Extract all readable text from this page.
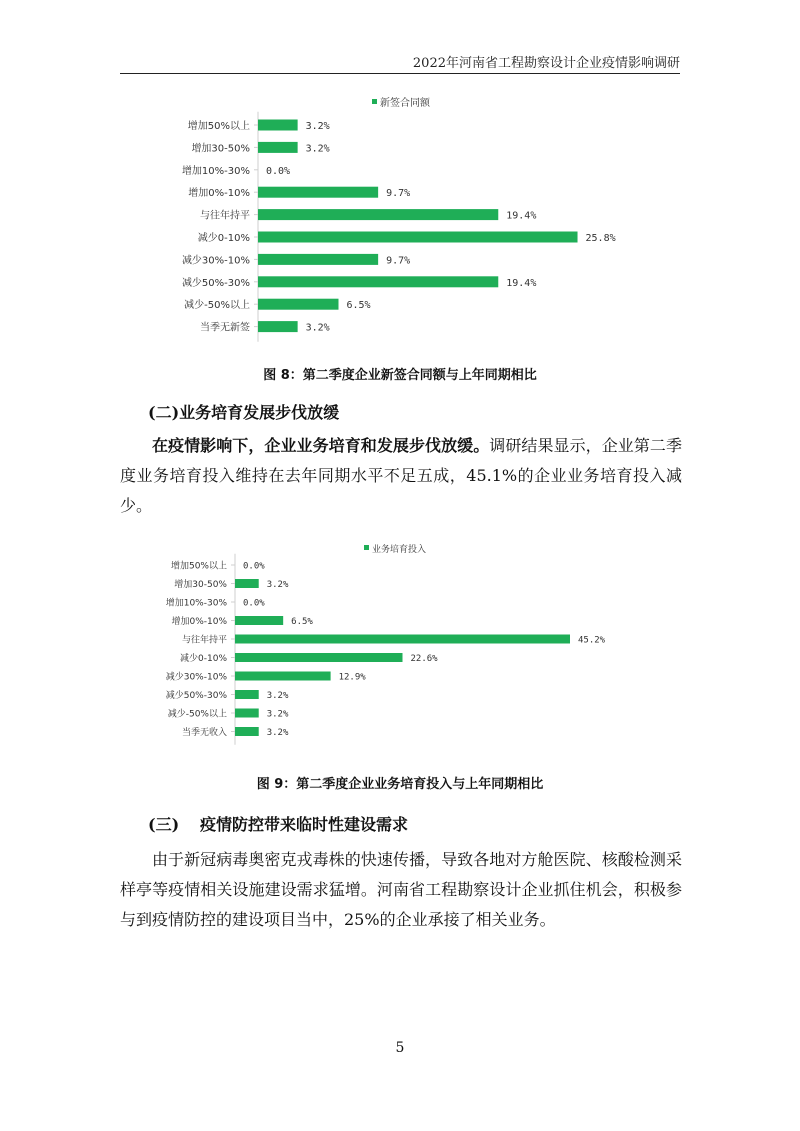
2022年河南省工程勘察设计企业疫情影响调研
新签合同额
增加50%以上	3.2%
增加30-50%	3.2%
增加10%-30% 0.0%
增加0%-10%	9.7%
与往年持平	19.4%
减少0-10%	25.8%
减少30%-10%	9.7%
减少50%-30%	19.4%
减少-50%以上	6.5%
当季无新签	3.2%
图 8：第二季度企业新签合同额与上年同期相比
(二)业务培育发展步伐放缓
在疫情影响下，企业业务培育和发展步伐放缓。调研结果显示，企业第二季度业务培育投入维持在去年同期水平不足五成，45.1%的企业业务培育投入减少。
业务培育投入
增加50%以上 0.0%
增加30-50%	3.2%
增加10%-30% 0.0%
增加0%-10%	6.5%
与往年持平	45.2%
减少0-10%	22.6%
减少30%-10%	12.9%
减少50%-30%	3.2%
减少-50%以上	3.2%
当季无收入	3.2%
图 9：第二季度企业业务培育投入与上年同期相比
(三) 疫情防控带来临时性建设需求
由于新冠病毒奥密克戎毒株的快速传播，导致各地对方舱医院、核酸检测采样亭等疫情相关设施建设需求猛增。河南省工程勘察设计企业抓住机会，积极参与到疫情防控的建设项目当中，25%的企业承接了相关业务。
5
